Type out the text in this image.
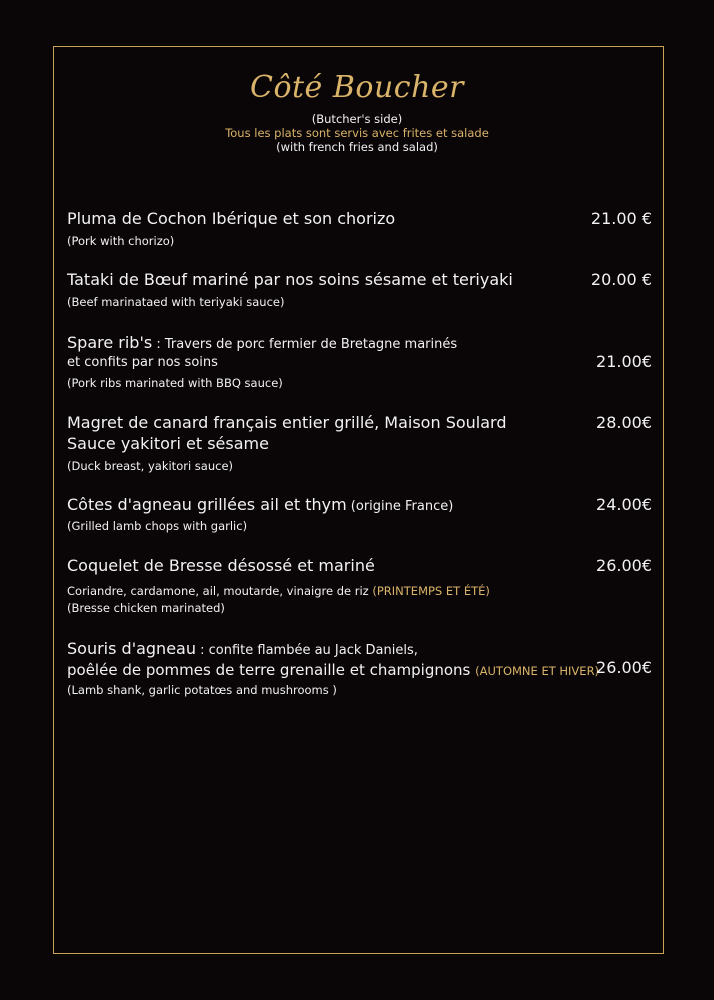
Côté Boucher
(Butcher's side)
Tous les plats sont servis avec frites et salade
(with french fries and salad)
Pluma de Cochon Ibérique et son chorizo	21.00 €
(Pork with chorizo)
Tataki de Bœuf mariné par nos soins sésame et teriyaki	20.00 €
(Beef marinataed with teriyaki sauce)
Spare rib's : Travers de porc fermier de Bretagne marinés
et confits par nos soins	21.00€
(Pork ribs marinated with BBQ sauce)
Magret de canard français entier grillé, Maison Soulard
Sauce yakitori et sésame
28.00€
(Duck breast, yakitori sauce)
Côtes d'agneau grillées ail et thym (origine France)	24.00€
(Grilled lamb chops with garlic)
Coquelet de Bresse désossé et mariné	26.00€
Coriandre, cardamone, ail, moutarde, vinaigre de riz (PRINTEMPS ET ÉTÉ)
(Bresse chicken marinated)
Souris d'agneau : confite flambée au Jack Daniels,
poêlée de pommes de terre grenaille et champignons (AUTOMNE ET HIVER)
26.00€
(Lamb shank, garlic potatœs and mushrooms )
